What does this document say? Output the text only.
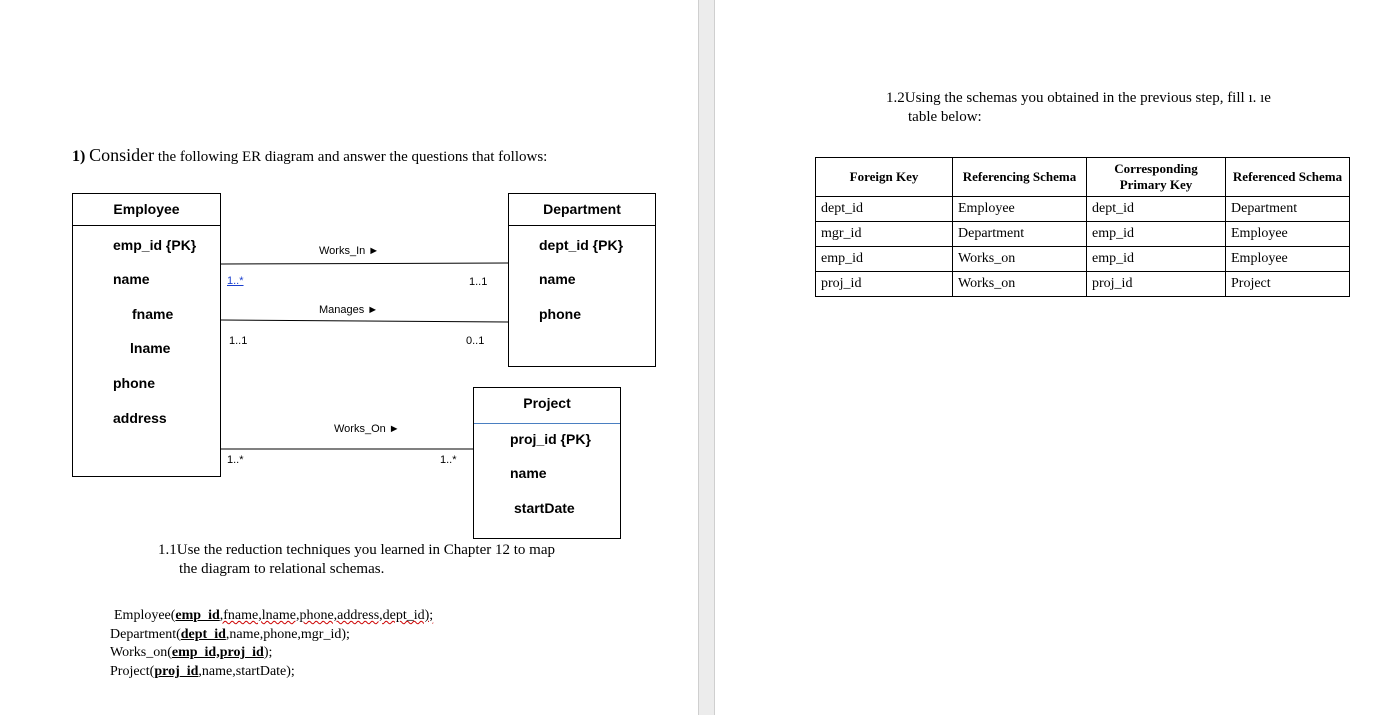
1) Consider the following ER diagram and answer the questions that follows:
Employee
emp_id {PK}
name
fname
lname
phone
address
Department
dept_id {PK}
name
phone
Project
proj_id {PK}
name
startDate
Works_In ►
1..*	1..1
Manages ►
1..1	0..1
Works_On ►
1..*	1..*
1.1Use the reduction techniques you learned in Chapter 12 to map
the diagram to relational schemas.
Employee(emp_id,fname,lname,phone,address,dept_id);
Department(dept_id,name,phone,mgr_id);
Works_on(emp_id,proj_id);
Project(proj_id,name,startDate);
1.2Using the schemas you obtained in the previous step, fill ı. ıe
table below:
Foreign Key	Referencing Schema	Corresponding Primary Key	Referenced Schema
dept_id	Employee	dept_id	Department
mgr_id	Department	emp_id	Employee
emp_id	Works_on	emp_id	Employee
proj_id	Works_on	proj_id	Project
